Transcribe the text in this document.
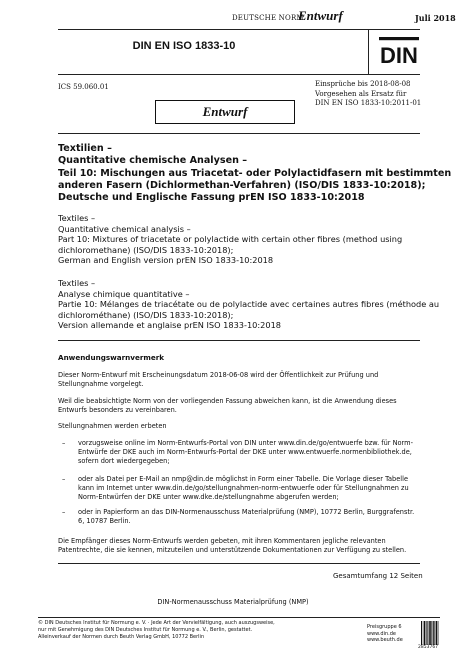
DEUTSCHE NORM
Entwurf	Juli 2018
DIN EN ISO 1833-10	DIN
ICS 59.060.01	Einsprüche bis 2018-08-08
Vorgesehen als Ersatz für
DIN EN ISO 1833-10:2011-01
Entwurf
Textilien –
Quantitative chemische Analysen –
Teil 10: Mischungen aus Triacetat- oder Polylactidfasern mit bestimmten
anderen Fasern (Dichlormethan-Verfahren) (ISO/DIS 1833-10:2018);
Deutsche und Englische Fassung prEN ISO 1833-10:2018
Textiles –
Quantitative chemical analysis –
Part 10: Mixtures of triacetate or polylactide with certain other fibres (method using
dichloromethane) (ISO/DIS 1833-10:2018);
German and English version prEN ISO 1833-10:2018
Textiles –
Analyse chimique quantitative –
Partie 10: Mélanges de triacétate ou de polylactide avec certaines autres fibres (méthode au
dichlorométhane) (ISO/DIS 1833-10:2018);
Version allemande et anglaise prEN ISO 1833-10:2018
Anwendungswarnvermerk
Dieser Norm-Entwurf mit Erscheinungsdatum 2018-06-08 wird der Öffentlichkeit zur Prüfung und Stellungnahme vorgelegt.
Weil die beabsichtigte Norm von der vorliegenden Fassung abweichen kann, ist die Anwendung dieses Entwurfs besonders zu vereinbaren.
Stellungnahmen werden erbeten
– vorzugsweise online im Norm-Entwurfs-Portal von DIN unter www.din.de/go/entwuerfe bzw. für Norm-Entwürfe der DKE auch im Norm-Entwurfs-Portal der DKE unter www.entwuerfe.normenbibliothek.de, sofern dort wiedergegeben;
– oder als Datei per E-Mail an nmp@din.de möglichst in Form einer Tabelle. Die Vorlage dieser Tabelle kann im Internet unter www.din.de/go/stellungnahmen-norm-entwuerfe oder für Stellungnahmen zu Norm-Entwürfen der DKE unter www.dke.de/stellungnahme abgerufen werden;
– oder in Papierform an das DIN-Normenausschuss Materialprüfung (NMP), 10772 Berlin, Burggrafenstr. 6, 10787 Berlin.
Die Empfänger dieses Norm-Entwurfs werden gebeten, mit ihren Kommentaren jegliche relevanten Patentrechte, die sie kennen, mitzuteilen und unterstützende Dokumentationen zur Verfügung zu stellen.
Gesamtumfang 12 Seiten
DIN-Normenausschuss Materialprüfung (NMP)
© DIN Deutsches Institut für Normung e. V. · Jede Art der Vervielfältigung, auch auszugsweise,
nur mit Genehmigung des DIN Deutsches Institut für Normung e. V., Berlin, gestattet.
Alleinverkauf der Normen durch Beuth Verlag GmbH, 10772 Berlin
Preisgruppe 6
www.din.de
www.beuth.de
2853767
